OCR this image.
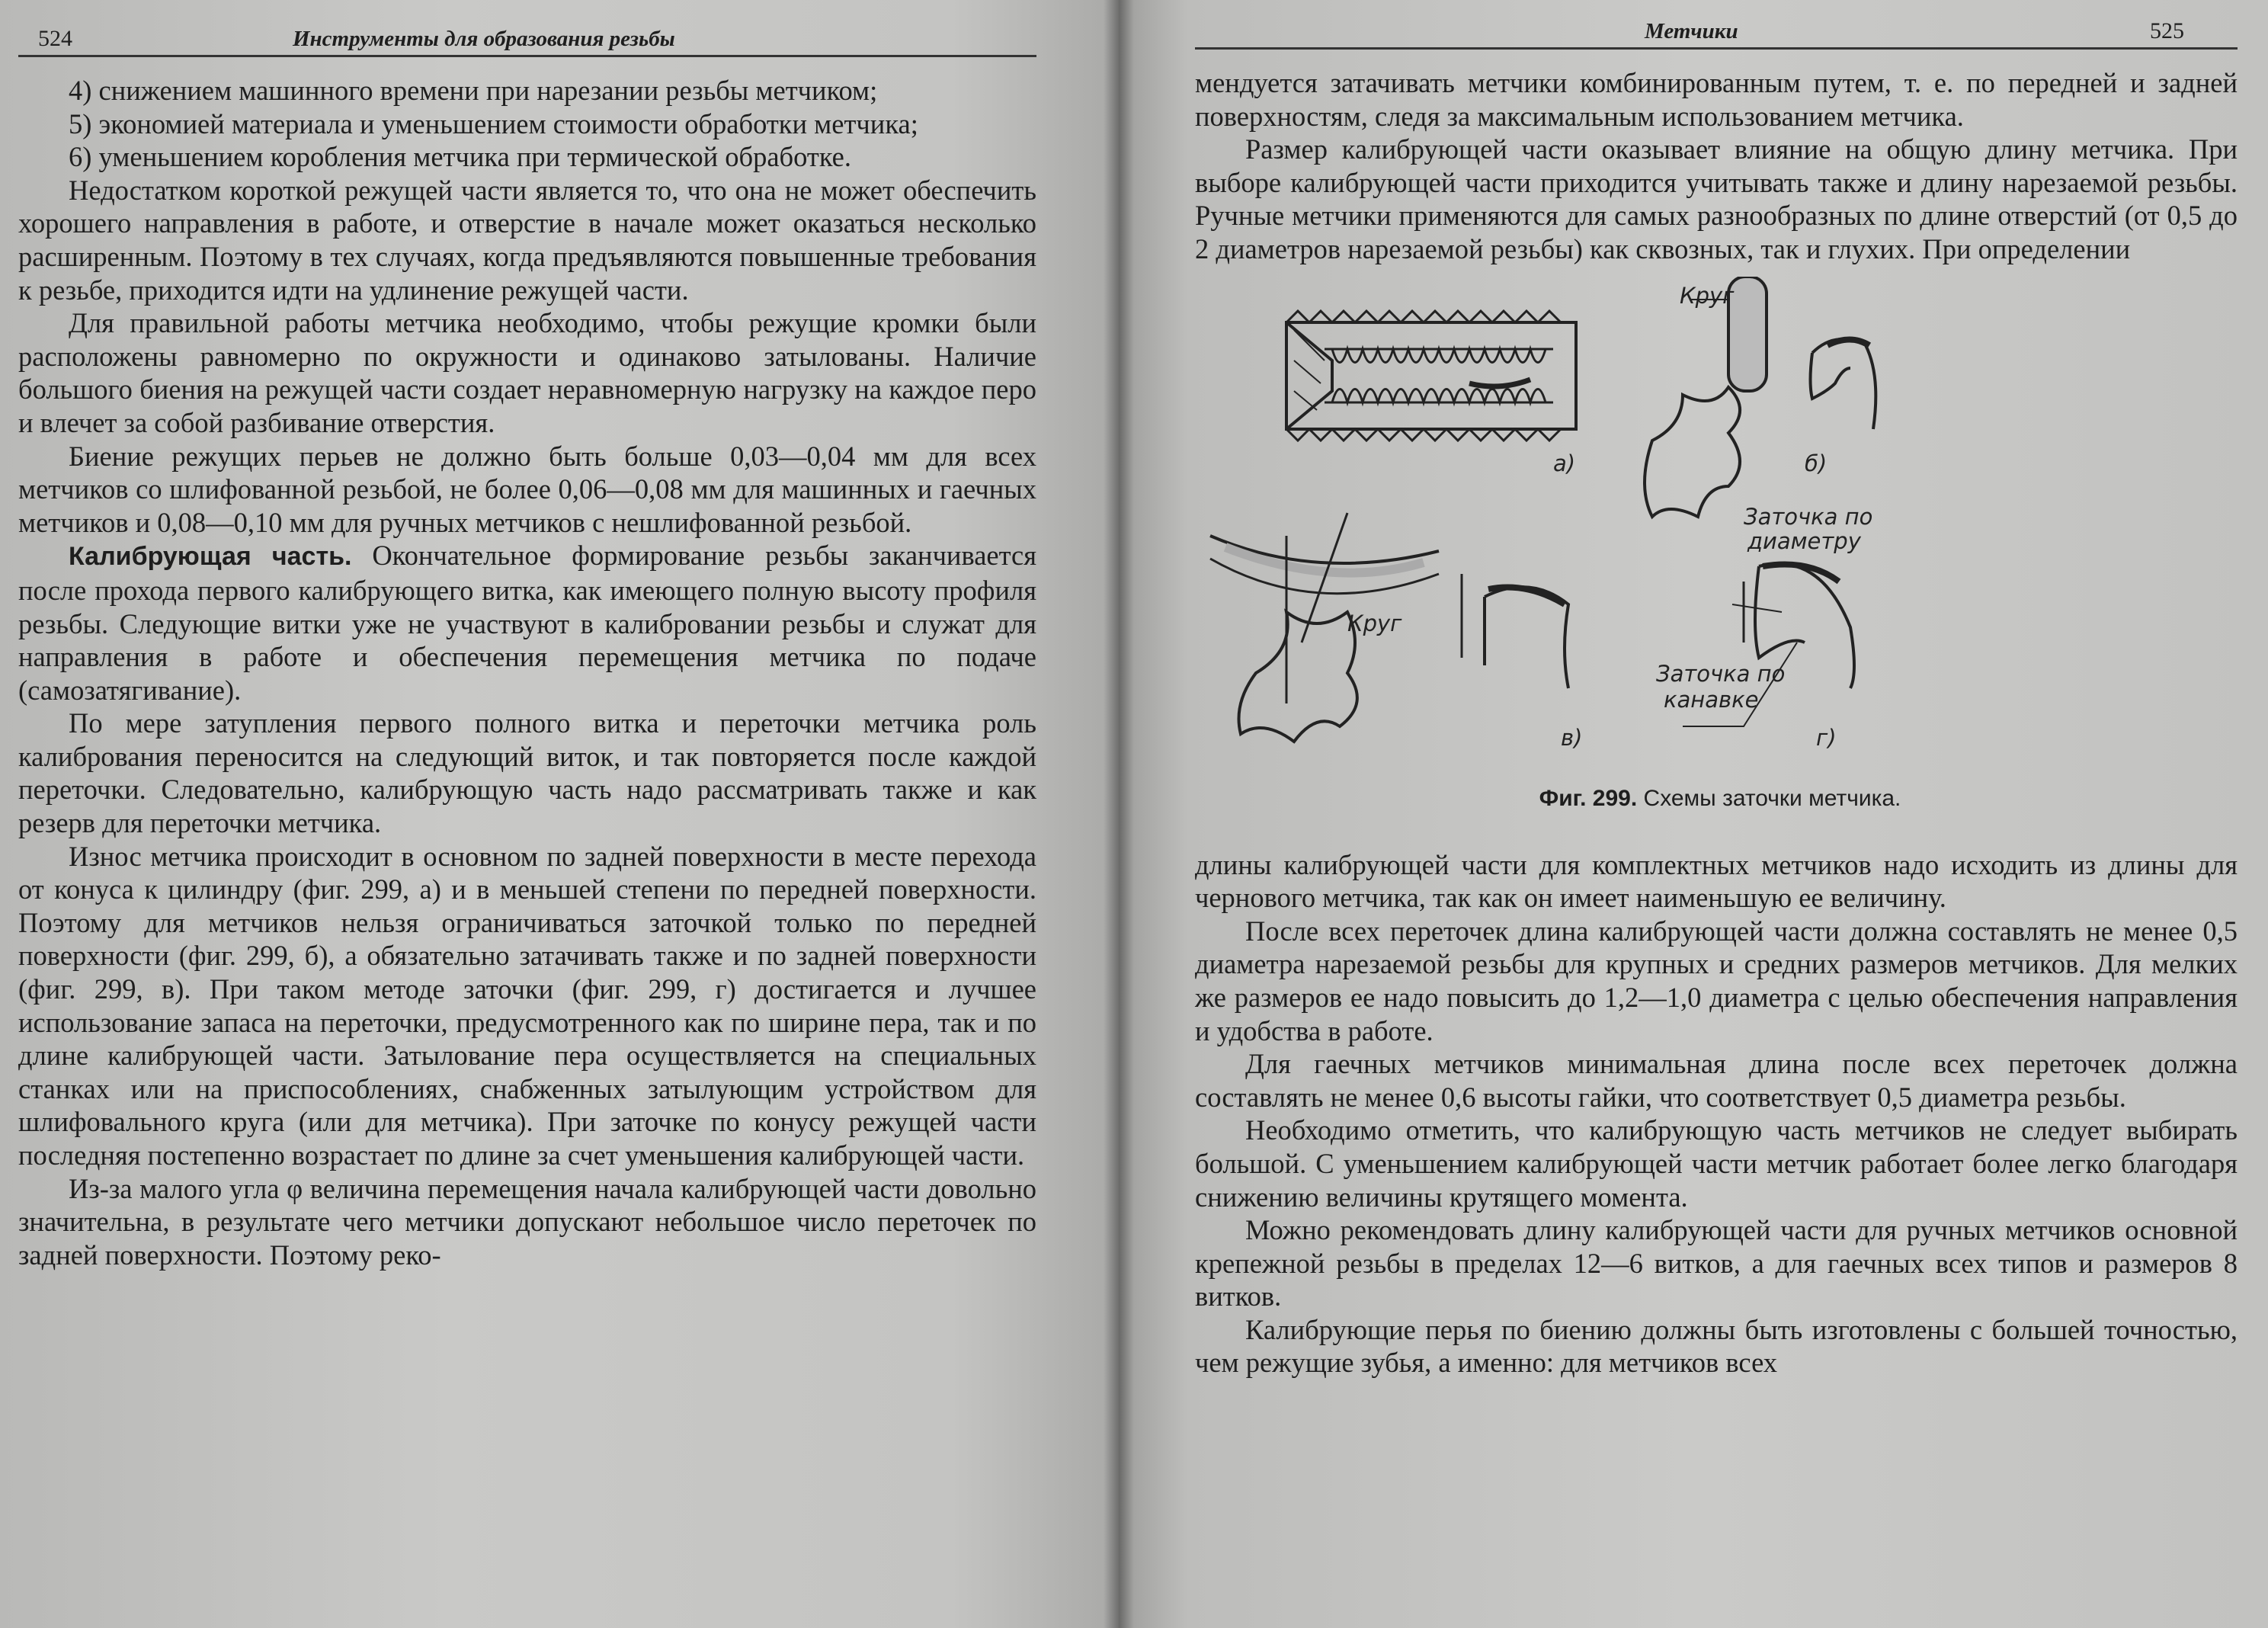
524	Инструменты для образования резьбы

4) снижением машинного времени при нарезании резьбы метчиком;

5) экономией материала и уменьшением стоимости обработки метчика;

6) уменьшением коробления метчика при термической обработке.

Недостатком короткой режущей части является то, что она не может обеспечить хорошего направления в работе, и отверстие в начале может оказаться несколько расширенным. Поэтому в тех случаях, когда предъявляются повышенные требования к резьбе, приходится идти на удлинение режущей части.

Для правильной работы метчика необходимо, чтобы режущие кромки были расположены равномерно по окружности и одинаково затылованы. Наличие большого биения на режущей части создает неравномерную нагрузку на каждое перо и влечет за собой разбивание отверстия.

Биение режущих перьев не должно быть больше 0,03—0,04 мм для всех метчиков со шлифованной резьбой, не более 0,06—0,08 мм для машинных и гаечных метчиков и 0,08—0,10 мм для ручных метчиков с нешлифованной резьбой.

Калибрующая часть. Окончательное формирование резьбы заканчивается после прохода первого калибрующего витка, как имеющего полную высоту профиля резьбы. Следующие витки уже не участвуют в калибровании резьбы и служат для направления в работе и обеспечения перемещения метчика по подаче (самозатягивание).

По мере затупления первого полного витка и переточки метчика роль калибрования переносится на следующий виток, и так повторяется после каждой переточки. Следовательно, калибрующую часть надо рассматривать также и как резерв для переточки метчика.

Износ метчика происходит в основном по задней поверхности в месте перехода от конуса к цилиндру (фиг. 299, а) и в меньшей степени по передней поверхности. Поэтому для метчиков нельзя ограничиваться заточкой только по передней поверхности (фиг. 299, б), а обязательно затачивать также и по задней поверхности (фиг. 299, в). При таком методе заточки (фиг. 299, г) достигается и лучшее использование запаса на переточки, предусмотренного как по ширине пера, так и по длине калибрующей части. Затылование пера осуществляется на специальных станках или на приспособлениях, снабженных затылующим устройством для шлифовального круга (или для метчика). При заточке по конусу режущей части последняя постепенно возрастает по длине за счет уменьшения калибрующей части.

Из-за малого угла φ величина перемещения начала калибрующей части довольно значительна, в результате чего метчики допускают небольшое число переточек по задней поверхности. Поэтому реко-

Метчики	525

мендуется затачивать метчики комбинированным путем, т. е. по передней и задней поверхностям, следя за максимальным использованием метчика.

Размер калибрующей части оказывает влияние на общую длину метчика. При выборе калибрующей части приходится учитывать также и длину нарезаемой резьбы. Ручные метчики применяются для самых разнообразных по длине отверстий (от 0,5 до 2 диаметров нарезаемой резьбы) как сквозных, так и глухих. При определении

а)	б)
в)	г)
Круг
Круг
Заточка по
диаметру
Заточка по
канавке

Фиг. 299. Схемы заточки метчика.

длины калибрующей части для комплектных метчиков надо исходить из длины для чернового метчика, так как он имеет наименьшую ее величину.

После всех переточек длина калибрующей части должна составлять не менее 0,5 диаметра нарезаемой резьбы для крупных и средних размеров метчиков. Для мелких же размеров ее надо повысить до 1,2—1,0 диаметра с целью обеспечения направления и удобства в работе.

Для гаечных метчиков минимальная длина после всех переточек должна составлять не менее 0,6 высоты гайки, что соответствует 0,5 диаметра резьбы.

Необходимо отметить, что калибрующую часть метчиков не следует выбирать большой. С уменьшением калибрующей части метчик работает более легко благодаря снижению величины крутящего момента.

Можно рекомендовать длину калибрующей части для ручных метчиков основной крепежной резьбы в пределах 12—6 витков, а для гаечных всех типов и размеров 8 витков.

Калибрующие перья по биению должны быть изготовлены с большей точностью, чем режущие зубья, а именно: для метчиков всех
